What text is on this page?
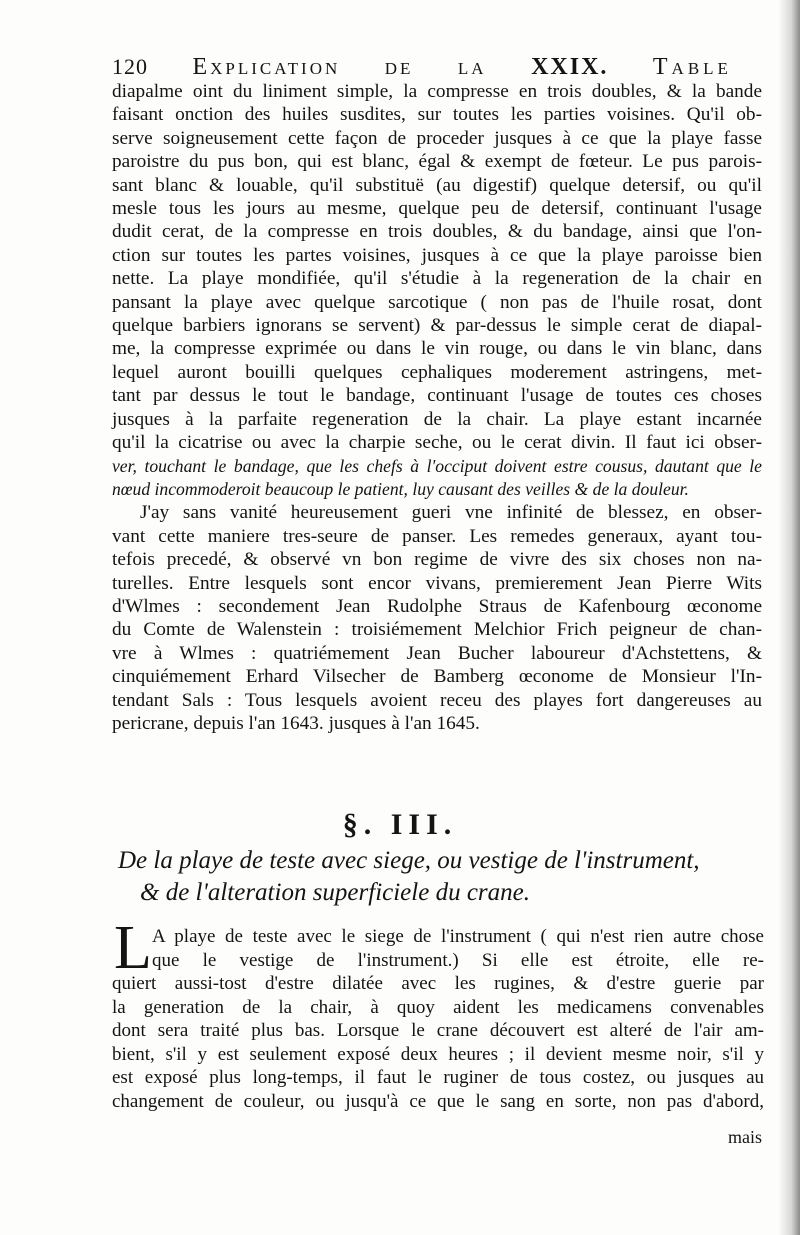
120 Explication de la XXIX. Table
diapalme oint du liniment simple, la compresse en trois doubles, & la bande
faisant onction des huiles susdites, sur toutes les parties voisines. Qu'il ob-
serve soigneusement cette façon de proceder jusques à ce que la playe fasse
paroistre du pus bon, qui est blanc, égal & exempt de fœteur. Le pus parois-
sant blanc & louable, qu'il substituë (au digestif) quelque detersif, ou qu'il
mesle tous les jours au mesme, quelque peu de detersif, continuant l'usage
dudit cerat, de la compresse en trois doubles, & du bandage, ainsi que l'on-
ction sur toutes les partes voisines, jusques à ce que la playe paroisse bien
nette. La playe mondifiée, qu'il s'étudie à la regeneration de la chair en
pansant la playe avec quelque sarcotique ( non pas de l'huile rosat, dont
quelque barbiers ignorans se servent) & par-dessus le simple cerat de diapal-
me, la compresse exprimée ou dans le vin rouge, ou dans le vin blanc, dans
lequel auront bouilli quelques cephaliques moderement astringens, met-
tant par dessus le tout le bandage, continuant l'usage de toutes ces choses
jusques à la parfaite regeneration de la chair. La playe estant incarnée
qu'il la cicatrise ou avec la charpie seche, ou le cerat divin. Il faut ici obser-
ver, touchant le bandage, que les chefs à l'occiput doivent estre cousus, dautant que le
nœud incommoderoit beaucoup le patient, luy causant des veilles & de la douleur.
J'ay sans vanité heureusement gueri vne infinité de blessez, en obser-
vant cette maniere tres-seure de panser. Les remedes generaux, ayant tou-
tefois precedé, & observé vn bon regime de vivre des six choses non na-
turelles. Entre lesquels sont encor vivans, premierement Jean Pierre Wits
d'Wlmes : secondement Jean Rudolphe Straus de Kafenbourg œconome
du Comte de Walenstein : troisiémement Melchior Frich peigneur de chan-
vre à Wlmes : quatriémement Jean Bucher laboureur d'Achstettens, &
cinquiémement Erhard Vilsecher de Bamberg œconome de Monsieur l'In-
tendant Sals : Tous lesquels avoient receu des playes fort dangereuses au
pericrane, depuis l'an 1643. jusques à l'an 1645.
§. III.
De la playe de teste avec siege, ou vestige de l'instrument,
& de l'alteration superficiele du crane.
L A playe de teste avec le siege de l'instrument ( qui n'est rien autre chose
que le vestige de l'instrument.) Si elle est étroite, elle re-
quiert aussi-tost d'estre dilatée avec les rugines, & d'estre guerie par
la generation de la chair, à quoy aident les medicamens convenables
dont sera traité plus bas. Lorsque le crane découvert est alteré de l'air am-
bient, s'il y est seulement exposé deux heures ; il devient mesme noir, s'il y
est exposé plus long-temps, il faut le ruginer de tous costez, ou jusques au
changement de couleur, ou jusqu'à ce que le sang en sorte, non pas d'abord,
mais
